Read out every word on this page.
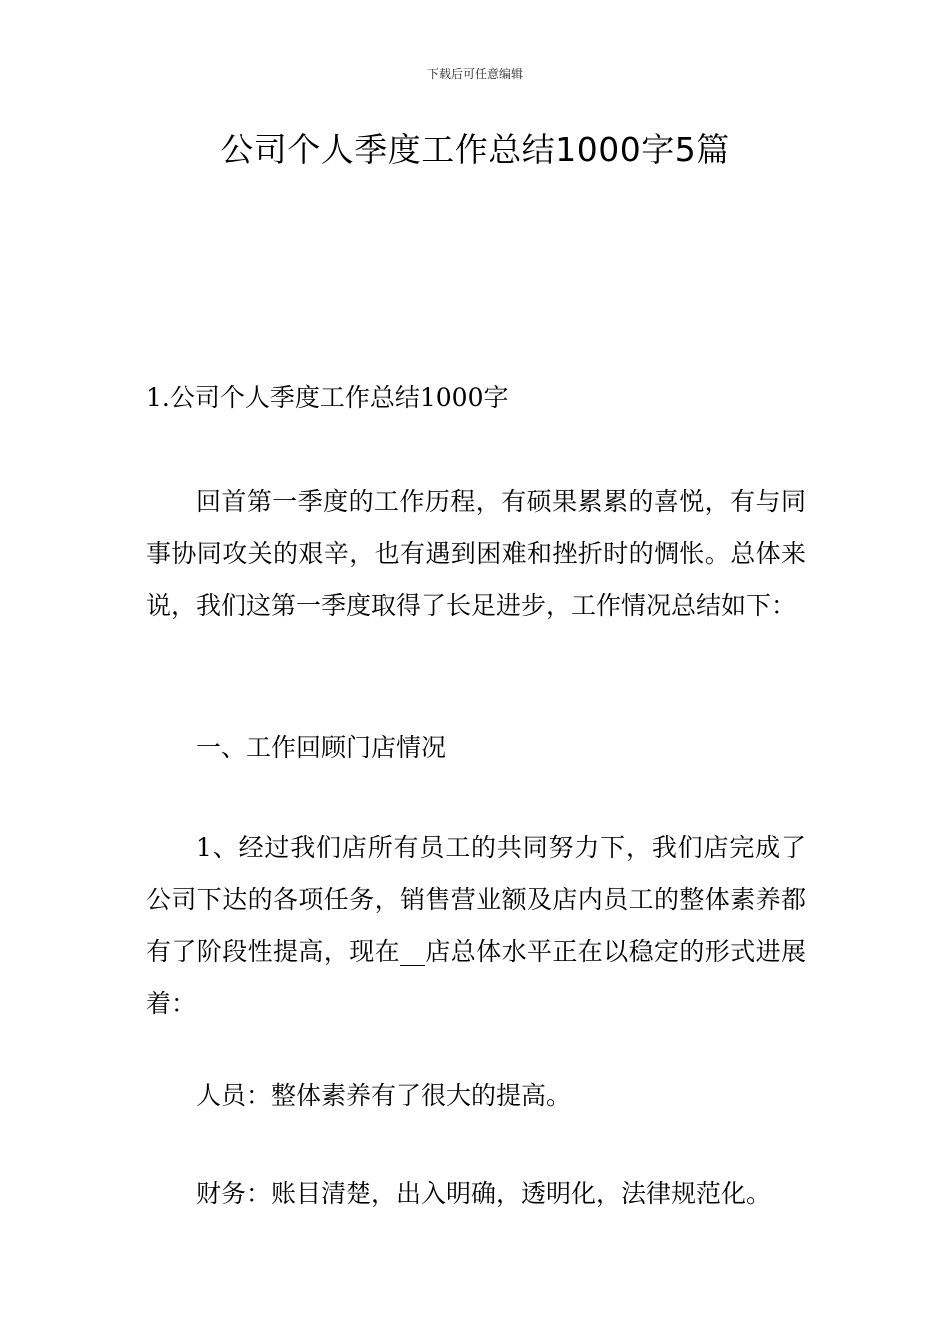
下载后可任意编辑
公司个人季度工作总结1000字5篇
1.公司个人季度工作总结1000字

回首第一季度的工作历程，有硕果累累的喜悦，有与同事协同攻关的艰辛，也有遇到困难和挫折时的惆怅。总体来说，我们这第一季度取得了长足进步，工作情况总结如下：

一、工作回顾门店情况

1、经过我们店所有员工的共同努力下，我们店完成了公司下达的各项任务，销售营业额及店内员工的整体素养都有了阶段性提高，现在__店总体水平正在以稳定的形式进展着：

人员：整体素养有了很大的提高。

财务：账目清楚，出入明确，透明化，法律规范化。
